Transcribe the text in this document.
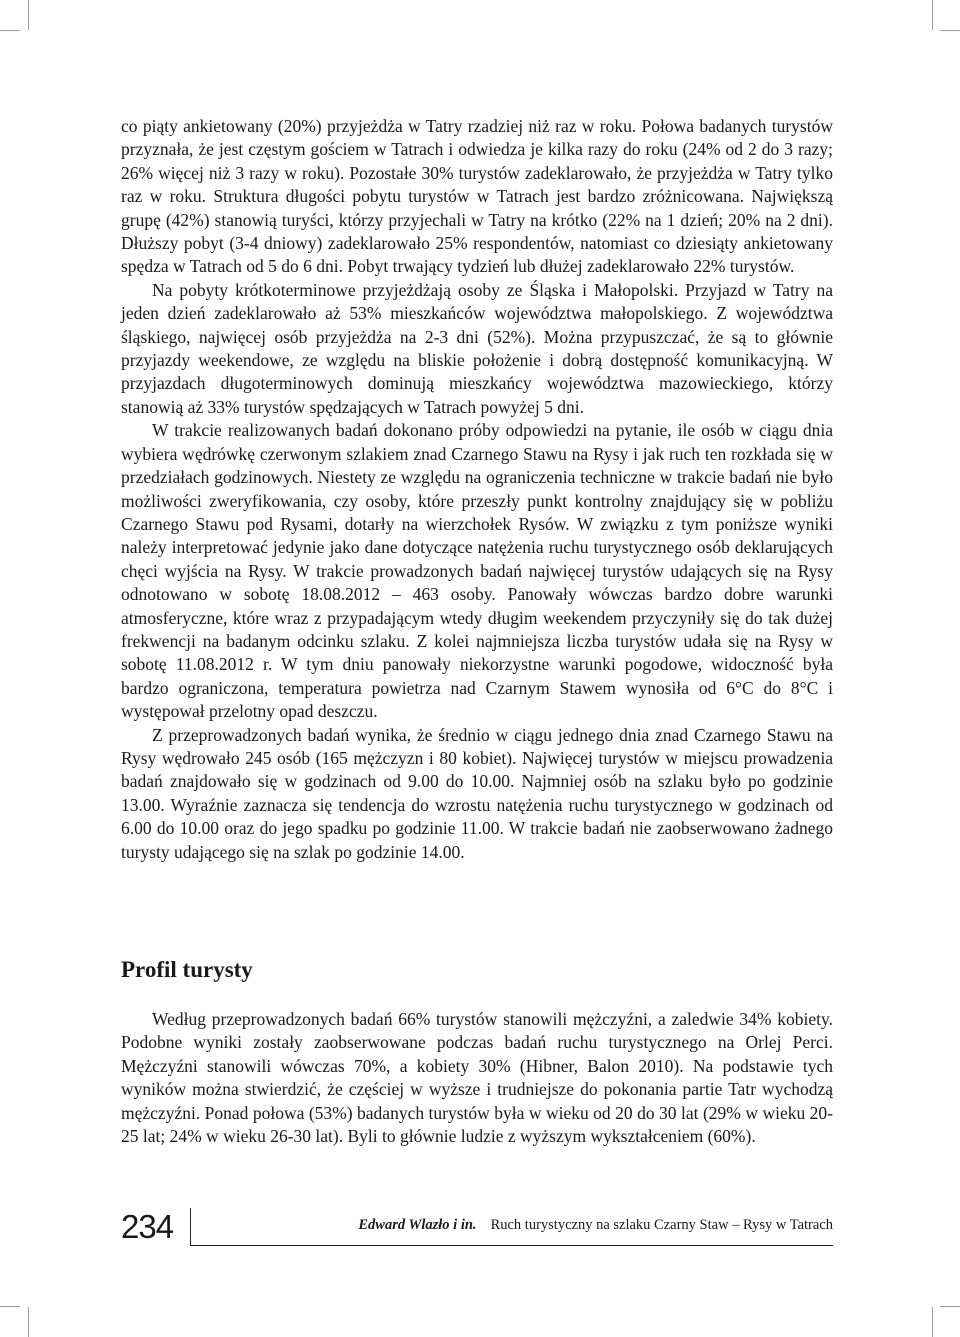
co piąty ankietowany (20%) przyjeżdża w Tatry rzadziej niż raz w roku. Połowa badanych turystów przyznała, że jest częstym gościem w Tatrach i odwiedza je kilka razy do roku (24% od 2 do 3 razy; 26% więcej niż 3 razy w roku). Pozostałe 30% turystów zadeklarowało, że przyjeżdża w Tatry tylko raz w roku. Struktura długości pobytu turystów w Tatrach jest bardzo zróżnicowana. Największą grupę (42%) stanowią turyści, którzy przyjechali w Tatry na krótko (22% na 1 dzień; 20% na 2 dni). Dłuższy pobyt (3-4 dniowy) zadeklarowało 25% respondentów, natomiast co dziesiąty ankietowany spędza w Tatrach od 5 do 6 dni. Pobyt trwający tydzień lub dłużej zadeklarowało 22% turystów.

Na pobyty krótkoterminowe przyjeżdżają osoby ze Śląska i Małopolski. Przyjazd w Tatry na jeden dzień zadeklarowało aż 53% mieszkańców województwa małopolskiego. Z województwa śląskiego, najwięcej osób przyjeżdża na 2-3 dni (52%). Można przypuszczać, że są to głównie przyjazdy weekendowe, ze względu na bliskie położenie i dobrą dostępność komunikacyjną. W przyjazdach długoterminowych dominują mieszkańcy województwa mazowieckiego, którzy stanowią aż 33% turystów spędzających w Tatrach powyżej 5 dni.

W trakcie realizowanych badań dokonano próby odpowiedzi na pytanie, ile osób w ciągu dnia wybiera wędrówkę czerwonym szlakiem znad Czarnego Stawu na Rysy i jak ruch ten rozkłada się w przedziałach godzinowych. Niestety ze względu na ograniczenia techniczne w trakcie badań nie było możliwości zweryfikowania, czy osoby, które przeszły punkt kontrolny znajdujący się w pobliżu Czarnego Stawu pod Rysami, dotarły na wierzchołek Rysów. W związku z tym poniższe wyniki należy interpretować jedynie jako dane dotyczące natężenia ruchu turystycznego osób deklarujących chęci wyjścia na Rysy. W trakcie prowadzonych badań najwięcej turystów udających się na Rysy odnotowano w sobotę 18.08.2012 – 463 osoby. Panowały wówczas bardzo dobre warunki atmosferyczne, które wraz z przypadającym wtedy długim weekendem przyczyniły się do tak dużej frekwencji na badanym odcinku szlaku. Z kolei najmniejsza liczba turystów udała się na Rysy w sobotę 11.08.2012 r. W tym dniu panowały niekorzystne warunki pogodowe, widoczność była bardzo ograniczona, temperatura powietrza nad Czarnym Stawem wynosiła od 6°C do 8°C i występował przelotny opad deszczu.

Z przeprowadzonych badań wynika, że średnio w ciągu jednego dnia znad Czarnego Stawu na Rysy wędrowało 245 osób (165 mężczyzn i 80 kobiet). Najwięcej turystów w miejscu prowadzenia badań znajdowało się w godzinach od 9.00 do 10.00. Najmniej osób na szlaku było po godzinie 13.00. Wyraźnie zaznacza się tendencja do wzrostu natężenia ruchu turystycznego w godzinach od 6.00 do 10.00 oraz do jego spadku po godzinie 11.00. W trakcie badań nie zaobserwowano żadnego turysty udającego się na szlak po godzinie 14.00.

Profil turysty

Według przeprowadzonych badań 66% turystów stanowili mężczyźni, a zaledwie 34% kobiety. Podobne wyniki zostały zaobserwowane podczas badań ruchu turystycznego na Orlej Perci. Mężczyźni stanowili wówczas 70%, a kobiety 30% (Hibner, Balon 2010). Na podstawie tych wyników można stwierdzić, że częściej w wyższe i trudniejsze do pokonania partie Tatr wychodzą mężczyźni. Ponad połowa (53%) badanych turystów była w wieku od 20 do 30 lat (29% w wieku 20-25 lat; 24% w wieku 26-30 lat). Byli to głównie ludzie z wyższym wykształceniem (60%).

234	Edward Wlazło i in. Ruch turystyczny na szlaku Czarny Staw – Rysy w Tatrach
